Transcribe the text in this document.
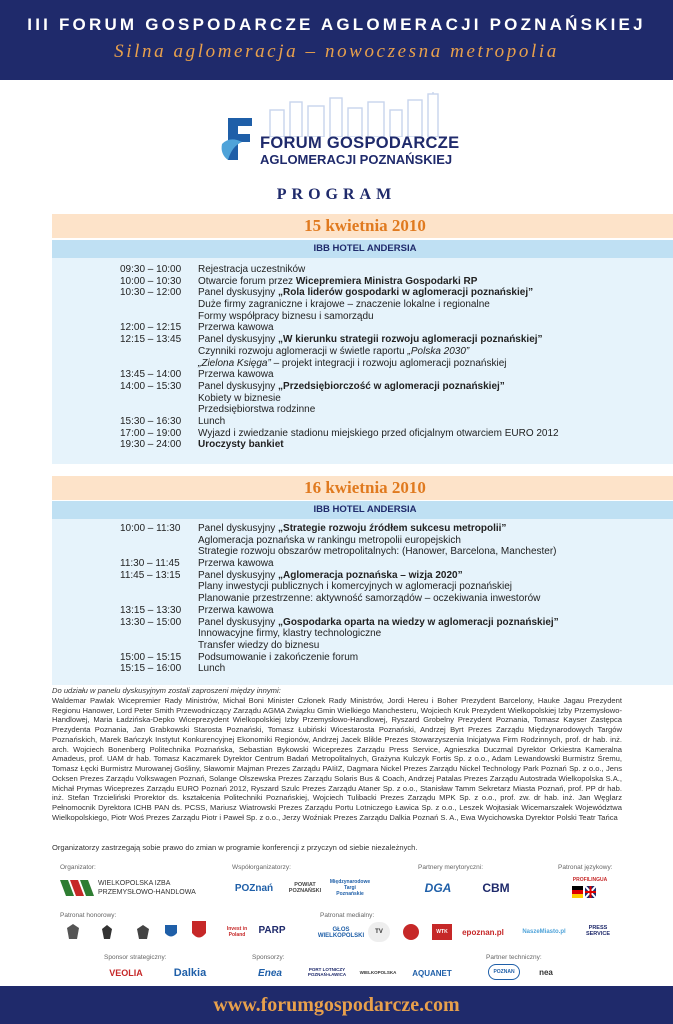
III FORUM GOSPODARCZE AGLOMERACJI POZNAŃSKIEJ
Silna aglomeracja – nowoczesna metropolia
FORUM GOSPODARCZE
AGLOMERACJI POZNAŃSKIEJ
PROGRAM
15 kwietnia 2010
IBB HOTEL ANDERSIA
09:30 – 10:00 Rejestracja uczestników
10:00 – 10:30 Otwarcie forum przez Wicepremiera Ministra Gospodarki RP
10:30 – 12:00 Panel dyskusyjny „Rola liderów gospodarki w aglomeracji poznańskiej”
Duże firmy zagraniczne i krajowe – znaczenie lokalne i regionalne
Formy współpracy biznesu i samorządu
12:00 – 12:15 Przerwa kawowa
12:15 – 13:45 Panel dyskusyjny „W kierunku strategii rozwoju aglomeracji poznańskiej”
Czynniki rozwoju aglomeracji w świetle raportu „Polska 2030”
„Zielona Księga” – projekt integracji i rozwoju aglomeracji poznańskiej
13:45 – 14:00 Przerwa kawowa
14:00 – 15:30 Panel dyskusyjny „Przedsiębiorczość w aglomeracji poznańskiej”
Kobiety w biznesie
Przedsiębiorstwa rodzinne
15:30 – 16:30 Lunch
17:00 – 19:00 Wyjazd i zwiedzanie stadionu miejskiego przed oficjalnym otwarciem EURO 2012
19:30 – 24:00 Uroczysty bankiet
16 kwietnia 2010
IBB HOTEL ANDERSIA
10:00 – 11:30 Panel dyskusyjny „Strategie rozwoju źródłem sukcesu metropolii”
Aglomeracja poznańska w rankingu metropolii europejskich
Strategie rozwoju obszarów metropolitalnych: (Hanower, Barcelona, Manchester)
11:30 – 11:45 Przerwa kawowa
11:45 – 13:15 Panel dyskusyjny „Aglomeracja poznańska – wizja 2020”
Plany inwestycji publicznych i komercyjnych w aglomeracji poznańskiej
Planowanie przestrzenne: aktywność samorządów – oczekiwania inwestorów
13:15 – 13:30 Przerwa kawowa
13:30 – 15:00 Panel dyskusyjny „Gospodarka oparta na wiedzy w aglomeracji poznańskiej”
Innowacyjne firmy, klastry technologiczne
Transfer wiedzy do biznesu
15:00 – 15:15 Podsumowanie i zakończenie forum
15:15 – 16:00 Lunch
Do udziału w panelu dyskusyjnym zostali zaproszeni między innymi:
Waldemar Pawlak Wicepremier Rady Ministrów, Michał Boni Minister Członek Rady Ministrów, Jordi Hereu i Boher Prezydent Barcelony, Hauke Jagau Prezydent Regionu Hanower, Lord Peter Smith Przewodniczący Zarządu AGMA Związku Gmin Wielkiego Manchesteru, Wojciech Kruk Prezydent Wielkopolskiej Izby Przemysłowo-Handlowej, Maria Ładzińska-Depko Wiceprezydent Wielkopolskiej Izby Przemysłowo-Handlowej, Ryszard Grobelny Prezydent Poznania, Tomasz Kayser Zastępca Prezydenta Poznania, Jan Grabkowski Starosta Poznański, Tomasz Łubiński Wicestarosta Poznański, Andrzej Byrt Prezes Zarządu Międzynarodowych Targów Poznańskich, Marek Bańczyk Instytut Konkurencyjnej Ekonomiki Regionów, Andrzej Jacek Blikle Prezes Stowarzyszenia Inicjatywa Firm Rodzinnych, prof. dr hab. inż. arch. Wojciech Bonenberg Politechnika Poznańska, Sebastian Bykowski Wiceprezes Zarządu Press Service, Agnieszka Duczmal Dyrektor Orkiestra Kameralna Amadeus, prof. UAM dr hab. Tomasz Kaczmarek Dyrektor Centrum Badań Metropolitalnych, Grażyna Kulczyk Fortis Sp. z o.o., Adam Lewandowski Burmistrz Śremu, Tomasz Łęcki Burmistrz Murowanej Gośliny, Sławomir Majman Prezes Zarządu PAIiIZ, Dagmara Nickel Prezes Zarządu Nickel Technology Park Poznań Sp. z o.o., Jens Ocksen Prezes Zarządu Volkswagen Poznań, Solange Olszewska Prezes Zarządu Solaris Bus & Coach, Andrzej Patalas Prezes Zarządu Autostrada Wielkopolska S.A., Michał Prymas Wiceprezes Zarządu EURO Poznań 2012, Ryszard Szulc Prezes Zarządu Ataner Sp. z o.o., Stanisław Tamm Sekretarz Miasta Poznań, prof. PP dr hab. inż. Stefan Trzcieliński Prorektor ds. kształcenia Politechniki Poznańskiej, Wojciech Tulibacki Prezes Zarządu MPK Sp. z o.o., prof. zw. dr hab. inż. Jan Węglarz Pełnomocnik Dyrektora ICHB PAN ds. PCSS, Mariusz Wiatrowski Prezes Zarządu Portu Lotniczego Ławica Sp. z o.o., Leszek Wojtasiak Wicemarszałek Województwa Wielkopolskiego, Piotr Woś Prezes Zarządu Piotr i Paweł Sp. z o.o., Jerzy Woźniak Prezes Zarządu Dalkia Poznań S. A., Ewa Wycichowska Dyrektor Polski Teatr Tańca
Organizatorzy zastrzegają sobie prawo do zmian w programie konferencji z przyczyn od siebie niezależnych.
Organizator:
WIELKOPOLSKA IZBA
PRZEMYSŁOWO-HANDLOWA
Współorganizatorzy:
POZnań	POWIAT POZNAŃSKI
Międzynarodowe Targi Poznańskie
Partnery merytoryczni:
DGA	CBM
Patronat językowy:
PROFILINGUA
Patronat honorowy:
Invest in Poland	PARP
Patronat medialny:
GŁOS WIELKOPOLSKI
TV	WTK	epoznan.pl	NaszeMiasto.pl
PRESS SERVICE
Sponsor strategiczny:
VEOLIA	Dalkia
Sponsorzy:
Enea	PORT LOTNICZY POZNAŃ-ŁAWICA	WIELKOPOLSKA	AQUANET
Partner techniczny:
POZNAN	nea
www.forumgospodarcze.com
